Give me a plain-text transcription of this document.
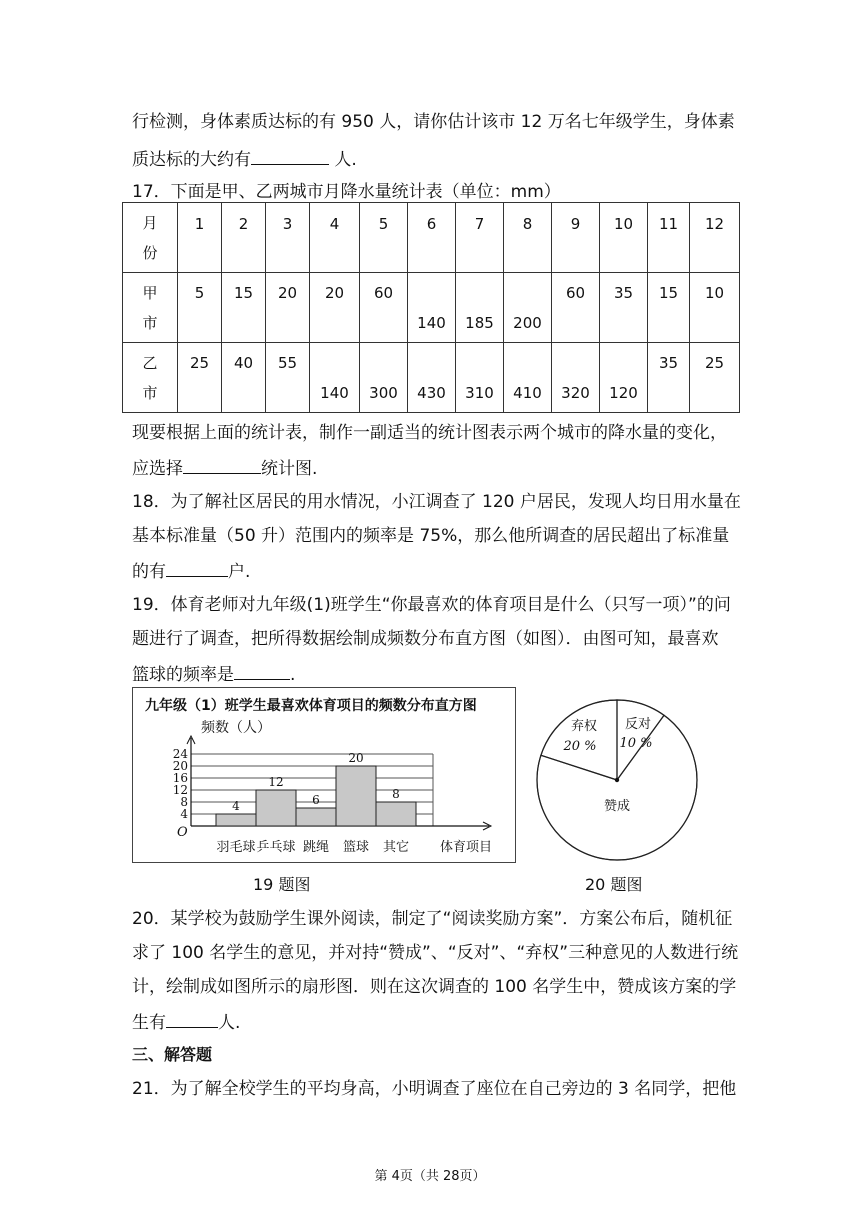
行检测，身体素质达标的有 950 人，请你估计该市 12 万名七年级学生，身体素
质达标的大约有	人.
17．下面是甲、乙两城市月降水量统计表（单位：mm）
月
份	1	2	3	4	5	6	7	8	9	10	11	12

甲
市	5	15	20	20	60	140	185	200	60	35	15	10

乙
市	25	40	55	140	300	430	310	410	320	120	35	25
现要根据上面的统计表，制作一副适当的统计图表示两个城市的降水量的变化，
应选择	统计图.
18．为了解社区居民的用水情况，小江调查了 120 户居民，发现人均日用水量在
基本标准量（50 升）范围内的频率是 75%，那么他所调查的居民超出了标准量
的有	户.
19．体育老师对九年级(1)班学生“你最喜欢的体育项目是什么（只写一项）”的问
题进行了调查，把所得数据绘制成频数分布直方图（如图）．由图可知，最喜欢
篮球的频率是	.
九年级（1）班学生最喜欢体育项目的频数分布直方图
频数（人）
4
8
12
16
20
24
O
4
羽毛球
12
乒乓球
6
跳绳
20
篮球
8
其它 体育项目
弃权
20 %
反对
10 %
赞成
19 题图	20 题图
20．某学校为鼓励学生课外阅读，制定了“阅读奖励方案”．方案公布后，随机征
求了 100 名学生的意见，并对持“赞成”、“反对”、“弃权”三种意见的人数进行统
计，绘制成如图所示的扇形图．则在这次调查的 100 名学生中，赞成该方案的学
生有	人.
三、解答题
21．为了解全校学生的平均身高，小明调查了座位在自己旁边的 3 名同学，把他
第 4页（共 28页）
